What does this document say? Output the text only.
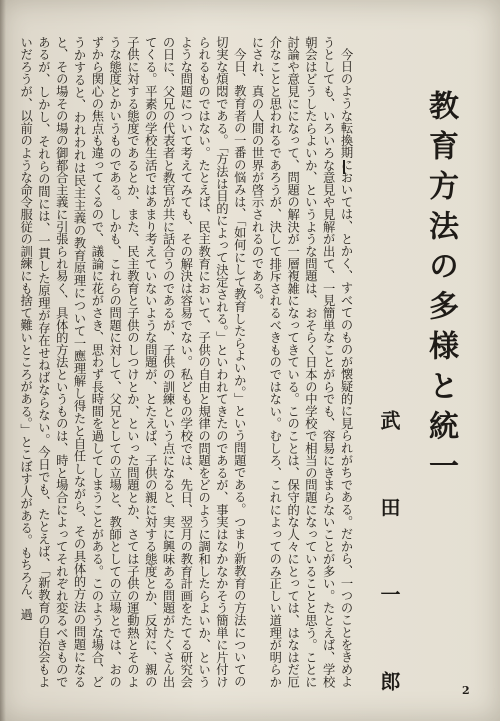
教育方法の多様と統一
武 田 一 郎

今日のような転換期においては、とかく、すべてのものが懐疑的に見られがちである。だから、一つのことをきめようとしても、いろいろな意見や見解が出て、一見簡単なことがらでも、容易にきまらないことが多い。たとえば、学校朝会はどうしたらよいか、というような問題は、おそらく日本の中学校で相当の問題になっていることと思う。ことに討論や意見にになって、問題の解決が一層複雑になってきている。このことは、保守的な人々にとっては、はなはだ厄介なことと思われるであろうが、決して排斥されるべきものではない。むしろ、これによってのみ正しい道理が明らかにされ、真の人間の世界が啓示されるのである。

今日、教育者の一番の悩みは、「如何にして教育したらよいか。」という問題である。つまり新教育の方法についての切実な煩悶である。「方法は目的によって決定される。」といわれてきたのであるが、事実はなかなかそう簡単に片付けられるものではない。たとえば、民主教育において、子供の自由と規律の問題をどのように調和したらよいか、というような問題について考えてみても、その解決は容易でない。私どもの学校では、先日、翌月の教育計画をたてる研究会の日に、父兄の代表者と教官が共に話合うのであるが、子供の訓練という点になると、実に興味ある問題がたくさん出てくる。平素の学校生活ではあまり考えていないような問題が、とたえば、子供の親に対する態度とか、反対に、親の子供に対する態度であるとか、また、民主教育と子供のしつけとか、といった問題とか、さては子供の運動熱とそのような態度とかいうものである。しかも、これらの問題に対して、父兄としての立場と、教師としての立場とでは、おのずから関心の焦点も違ってくるので、議論に花がさき、思わず長時間を過してしまうことがある。このような場合、どうかすると、われわれは民主主義の教育原理について一應理解し得たと自任しながら、その具体的方法の問題になると、その場その場の御都合主義に引張られ易く、具体的方法というものは、時と場合によってそれぞれ変るべきものであるが、しかし、それらの間には、一貫した原理が存在せねばならない。今日でも、たとえば、「新教育の自治会もよいだろうが、以前のような命令服従の訓練にも捨て難いところがある。」とこぼす人がある。もちろん、過

2
